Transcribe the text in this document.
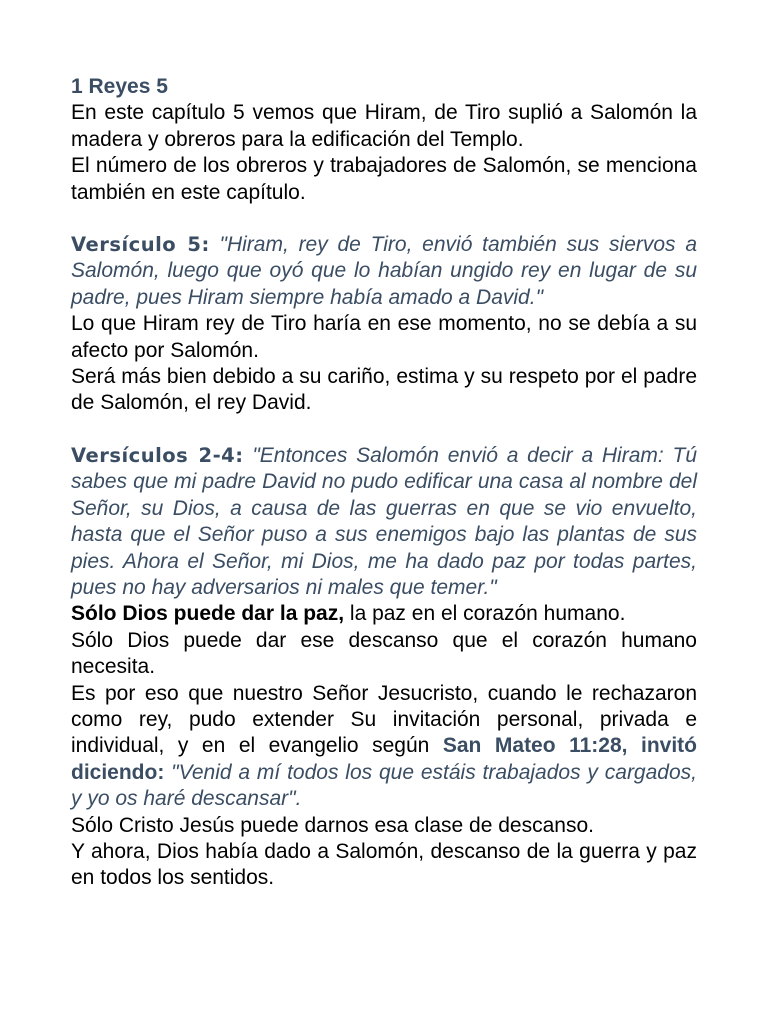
1 Reyes 5

En este capítulo 5 vemos que Hiram, de Tiro suplió a Salomón la madera y obreros para la edificación del Templo.

El número de los obreros y trabajadores de Salomón, se menciona también en este capítulo.

Versículo 5: "Hiram, rey de Tiro, envió también sus siervos a Salomón, luego que oyó que lo habían ungido rey en lugar de su padre, pues Hiram siempre había amado a David."

Lo que Hiram rey de Tiro haría en ese momento, no se debía a su afecto por Salomón.

Será más bien debido a su cariño, estima y su respeto por el padre de Salomón, el rey David.

Versículos 2-4: "Entonces Salomón envió a decir a Hiram: Tú sabes que mi padre David no pudo edificar una casa al nombre del Señor, su Dios, a causa de las guerras en que se vio envuelto, hasta que el Señor puso a sus enemigos bajo las plantas de sus pies. Ahora el Señor, mi Dios, me ha dado paz por todas partes, pues no hay adversarios ni males que temer."

Sólo Dios puede dar la paz, la paz en el corazón humano.

Sólo Dios puede dar ese descanso que el corazón humano necesita.

Es por eso que nuestro Señor Jesucristo, cuando le rechazaron como rey, pudo extender Su invitación personal, privada e individual, y en el evangelio según San Mateo 11:28, invitó diciendo: "Venid a mí todos los que estáis trabajados y cargados, y yo os haré descansar".

Sólo Cristo Jesús puede darnos esa clase de descanso.

Y ahora, Dios había dado a Salomón, descanso de la guerra y paz en todos los sentidos.
